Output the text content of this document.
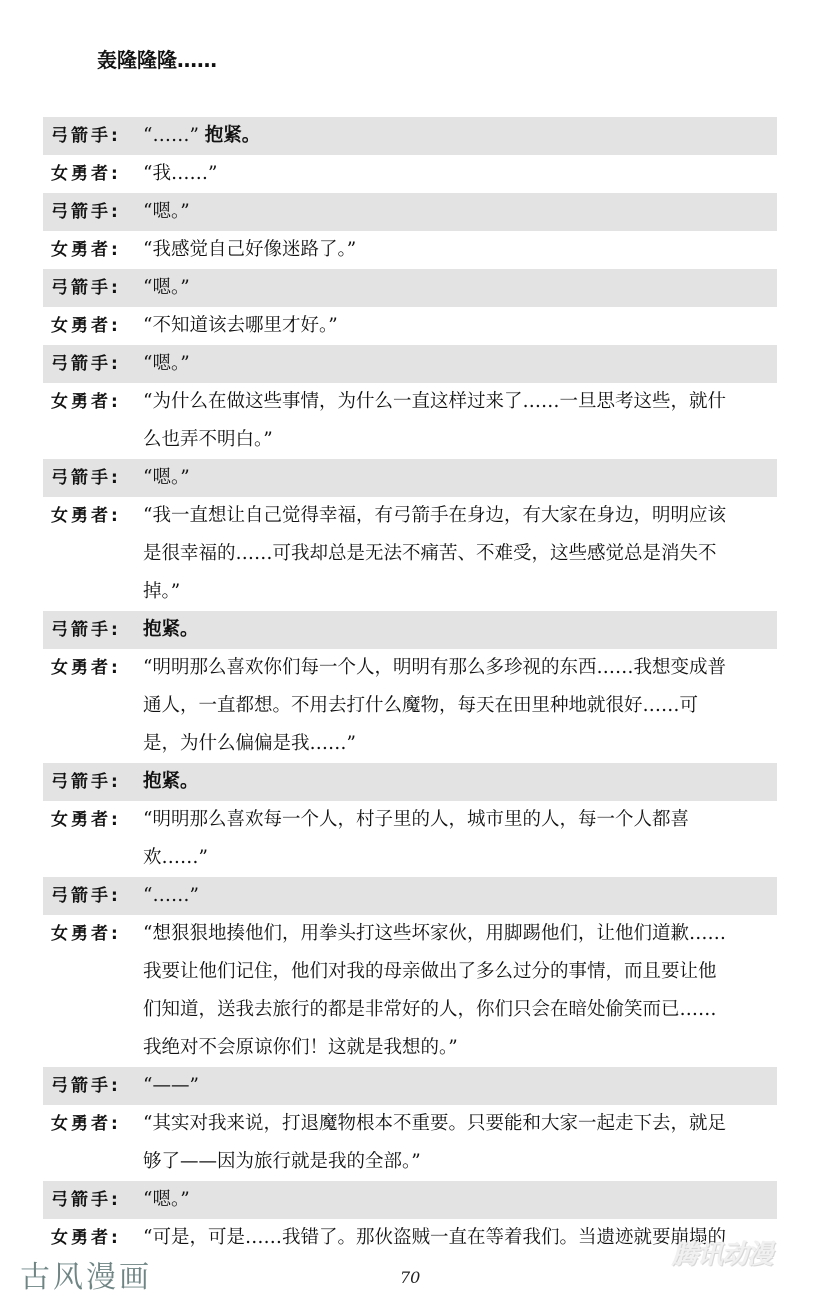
轰隆隆隆……
弓箭手:	“……” 抱紧。
女勇者:	“我……”
弓箭手:	“嗯。”
女勇者:	“我感觉自己好像迷路了。”
弓箭手:	“嗯。”
女勇者:	“不知道该去哪里才好。”
弓箭手:	“嗯。”
女勇者:	“为什么在做这些事情，为什么一直这样过来了……一旦思考这些，就什
么也弄不明白。”
弓箭手:	“嗯。”
女勇者:	“我一直想让自己觉得幸福，有弓箭手在身边，有大家在身边，明明应该
是很幸福的……可我却总是无法不痛苦、不难受，这些感觉总是消失不
掉。”
弓箭手:	抱紧。
女勇者:	“明明那么喜欢你们每一个人，明明有那么多珍视的东西……我想变成普
通人，一直都想。不用去打什么魔物，每天在田里种地就很好……可
是，为什么偏偏是我……”
弓箭手:	抱紧。
女勇者:	“明明那么喜欢每一个人，村子里的人，城市里的人，每一个人都喜
欢……”
弓箭手:	“……”
女勇者:	“想狠狠地揍他们，用拳头打这些坏家伙，用脚踢他们，让他们道歉……
我要让他们记住，他们对我的母亲做出了多么过分的事情，而且要让他
们知道，送我去旅行的都是非常好的人，你们只会在暗处偷笑而已……
我绝对不会原谅你们！这就是我想的。”
弓箭手:	“——”
女勇者:	“其实对我来说，打退魔物根本不重要。只要能和大家一起走下去，就足
够了——因为旅行就是我的全部。”
弓箭手:	“嗯。”
女勇者:	“可是，可是……我错了。那伙盗贼一直在等着我们。当遗迹就要崩塌的
古风漫画	70
腾讯动漫
